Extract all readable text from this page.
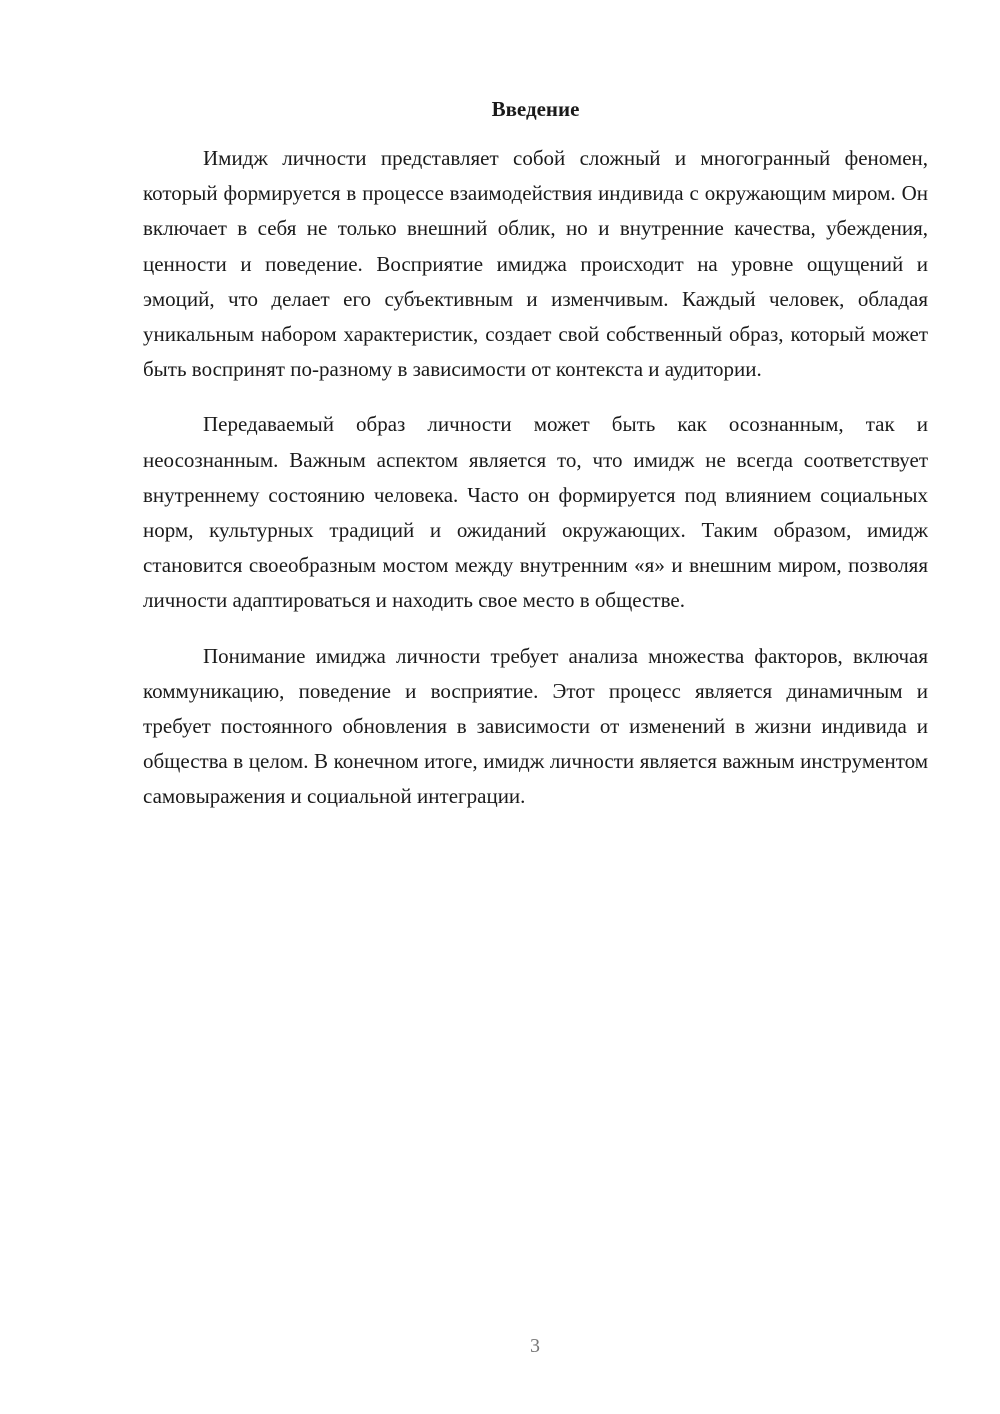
Введение

Имидж личности представляет собой сложный и многогранный феномен, который формируется в процессе взаимодействия индивида с окружающим миром. Он включает в себя не только внешний облик, но и внутренние качества, убеждения, ценности и поведение. Восприятие имиджа происходит на уровне ощущений и эмоций, что делает его субъективным и изменчивым. Каждый человек, обладая уникальным набором характеристик, создает свой собственный образ, который может быть воспринят по-разному в зависимости от контекста и аудитории.

Передаваемый образ личности может быть как осознанным, так и неосознанным. Важным аспектом является то, что имидж не всегда соответствует внутреннему состоянию человека. Часто он формируется под влиянием социальных норм, культурных традиций и ожиданий окружающих. Таким образом, имидж становится своеобразным мостом между внутренним «я» и внешним миром, позволяя личности адаптироваться и находить свое место в обществе.

Понимание имиджа личности требует анализа множества факторов, включая коммуникацию, поведение и восприятие. Этот процесс является динамичным и требует постоянного обновления в зависимости от изменений в жизни индивида и общества в целом. В конечном итоге, имидж личности является важным инструментом самовыражения и социальной интеграции.

3
